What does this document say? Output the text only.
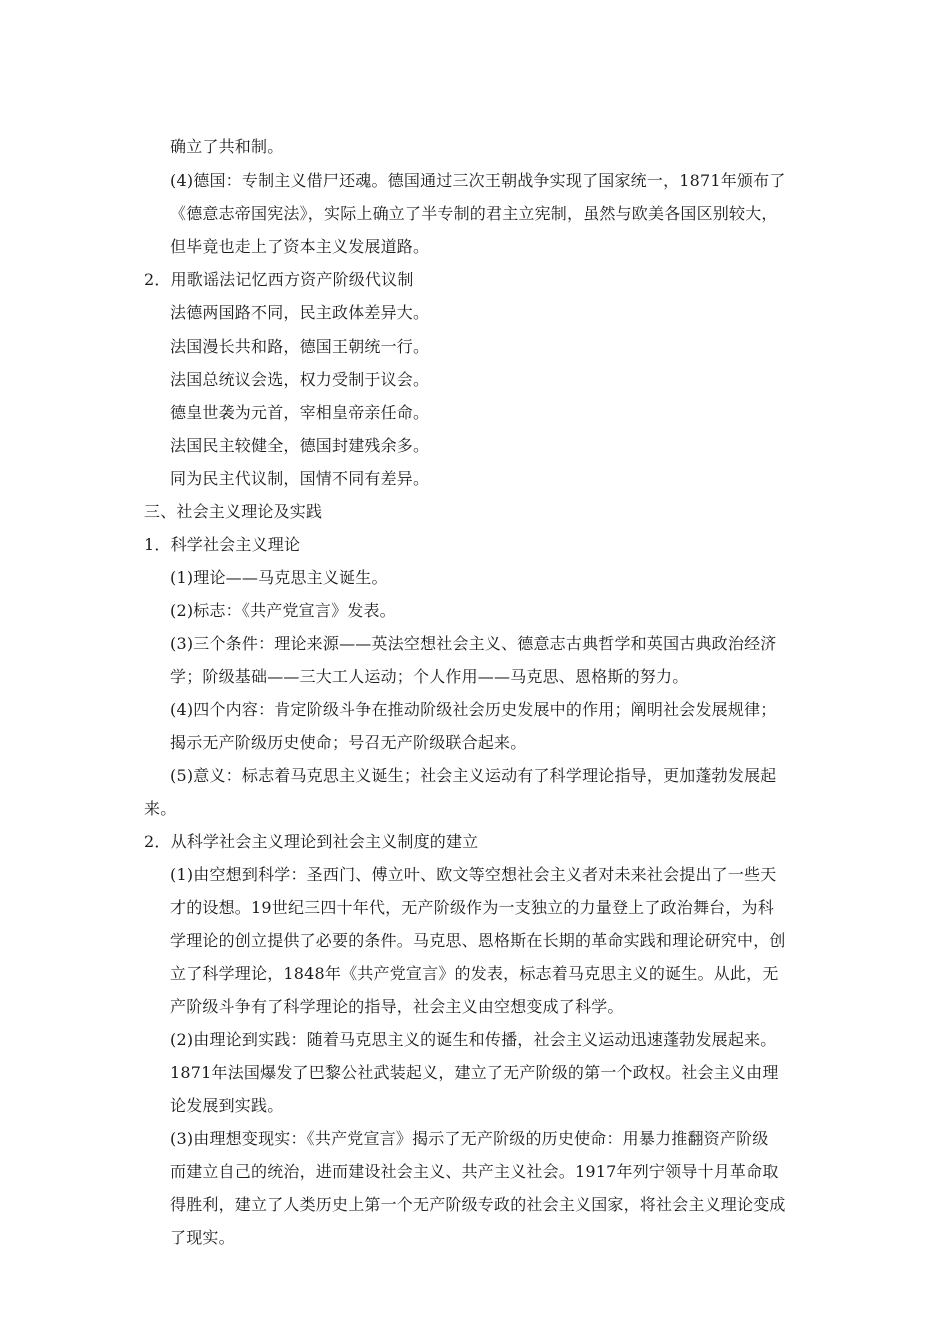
确立了共和制。
(4)德国：专制主义借尸还魂。德国通过三次王朝战争实现了国家统一，1871年颁布了
《德意志帝国宪法》，实际上确立了半专制的君主立宪制，虽然与欧美各国区别较大，
但毕竟也走上了资本主义发展道路。
2．用歌谣法记忆西方资产阶级代议制
法德两国路不同，民主政体差异大。
法国漫长共和路，德国王朝统一行。
法国总统议会选，权力受制于议会。
德皇世袭为元首，宰相皇帝亲任命。
法国民主较健全，德国封建残余多。
同为民主代议制，国情不同有差异。
三、社会主义理论及实践
1．科学社会主义理论
(1)理论——马克思主义诞生。
(2)标志：《共产党宣言》发表。
(3)三个条件：理论来源——英法空想社会主义、德意志古典哲学和英国古典政治经济
学；阶级基础——三大工人运动；个人作用——马克思、恩格斯的努力。
(4)四个内容：肯定阶级斗争在推动阶级社会历史发展中的作用；阐明社会发展规律；
揭示无产阶级历史使命；号召无产阶级联合起来。
(5)意义：标志着马克思主义诞生；社会主义运动有了科学理论指导，更加蓬勃发展起
来。
2．从科学社会主义理论到社会主义制度的建立
(1)由空想到科学：圣西门、傅立叶、欧文等空想社会主义者对未来社会提出了一些天
才的设想。19世纪三四十年代，无产阶级作为一支独立的力量登上了政治舞台，为科
学理论的创立提供了必要的条件。马克思、恩格斯在长期的革命实践和理论研究中，创
立了科学理论，1848年《共产党宣言》的发表，标志着马克思主义的诞生。从此，无
产阶级斗争有了科学理论的指导，社会主义由空想变成了科学。
(2)由理论到实践：随着马克思主义的诞生和传播，社会主义运动迅速蓬勃发展起来。
1871年法国爆发了巴黎公社武装起义，建立了无产阶级的第一个政权。社会主义由理
论发展到实践。
(3)由理想变现实：《共产党宣言》揭示了无产阶级的历史使命：用暴力推翻资产阶级
而建立自己的统治，进而建设社会主义、共产主义社会。1917年列宁领导十月革命取
得胜利，建立了人类历史上第一个无产阶级专政的社会主义国家，将社会主义理论变成
了现实。
